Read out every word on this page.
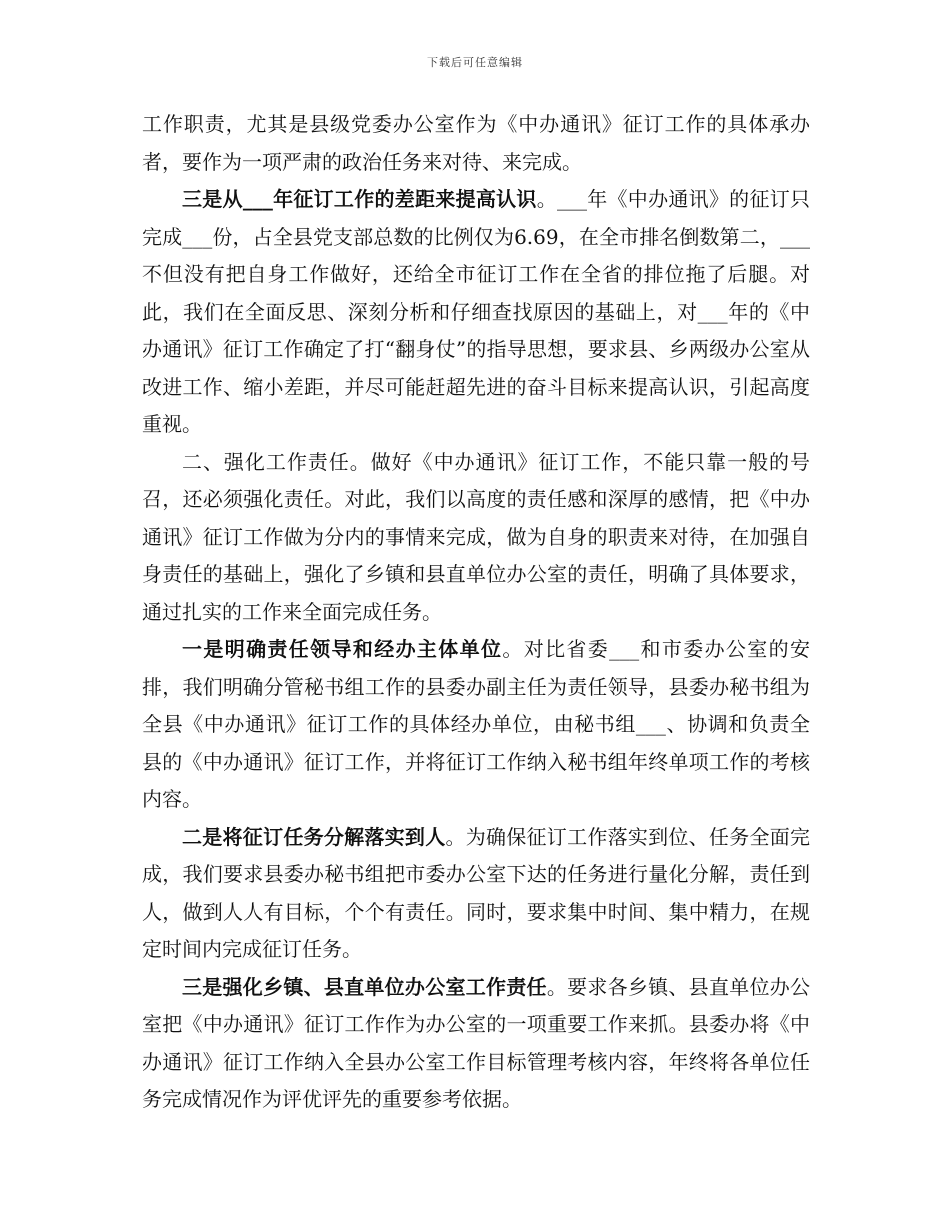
下载后可任意编辑

工作职责，尤其是县级党委办公室作为《中办通讯》征订工作的具体承办者，要作为一项严肃的政治任务来对待、来完成。

三是从___年征订工作的差距来提高认识。___年《中办通讯》的征订只完成___份，占全县党支部总数的比例仅为6.69，在全市排名倒数第二，___不但没有把自身工作做好，还给全市征订工作在全省的排位拖了后腿。对此，我们在全面反思、深刻分析和仔细查找原因的基础上，对___年的《中办通讯》征订工作确定了打“翻身仗”的指导思想，要求县、乡两级办公室从改进工作、缩小差距，并尽可能赶超先进的奋斗目标来提高认识，引起高度重视。

二、强化工作责任。做好《中办通讯》征订工作，不能只靠一般的号召，还必须强化责任。对此，我们以高度的责任感和深厚的感情，把《中办通讯》征订工作做为分内的事情来完成，做为自身的职责来对待，在加强自身责任的基础上，强化了乡镇和县直单位办公室的责任，明确了具体要求，通过扎实的工作来全面完成任务。

一是明确责任领导和经办主体单位。对比省委___和市委办公室的安排，我们明确分管秘书组工作的县委办副主任为责任领导，县委办秘书组为全县《中办通讯》征订工作的具体经办单位，由秘书组___、协调和负责全县的《中办通讯》征订工作，并将征订工作纳入秘书组年终单项工作的考核内容。

二是将征订任务分解落实到人。为确保征订工作落实到位、任务全面完成，我们要求县委办秘书组把市委办公室下达的任务进行量化分解，责任到人，做到人人有目标，个个有责任。同时，要求集中时间、集中精力，在规定时间内完成征订任务。

三是强化乡镇、县直单位办公室工作责任。要求各乡镇、县直单位办公室把《中办通讯》征订工作作为办公室的一项重要工作来抓。县委办将《中办通讯》征订工作纳入全县办公室工作目标管理考核内容，年终将各单位任务完成情况作为评优评先的重要参考依据。
